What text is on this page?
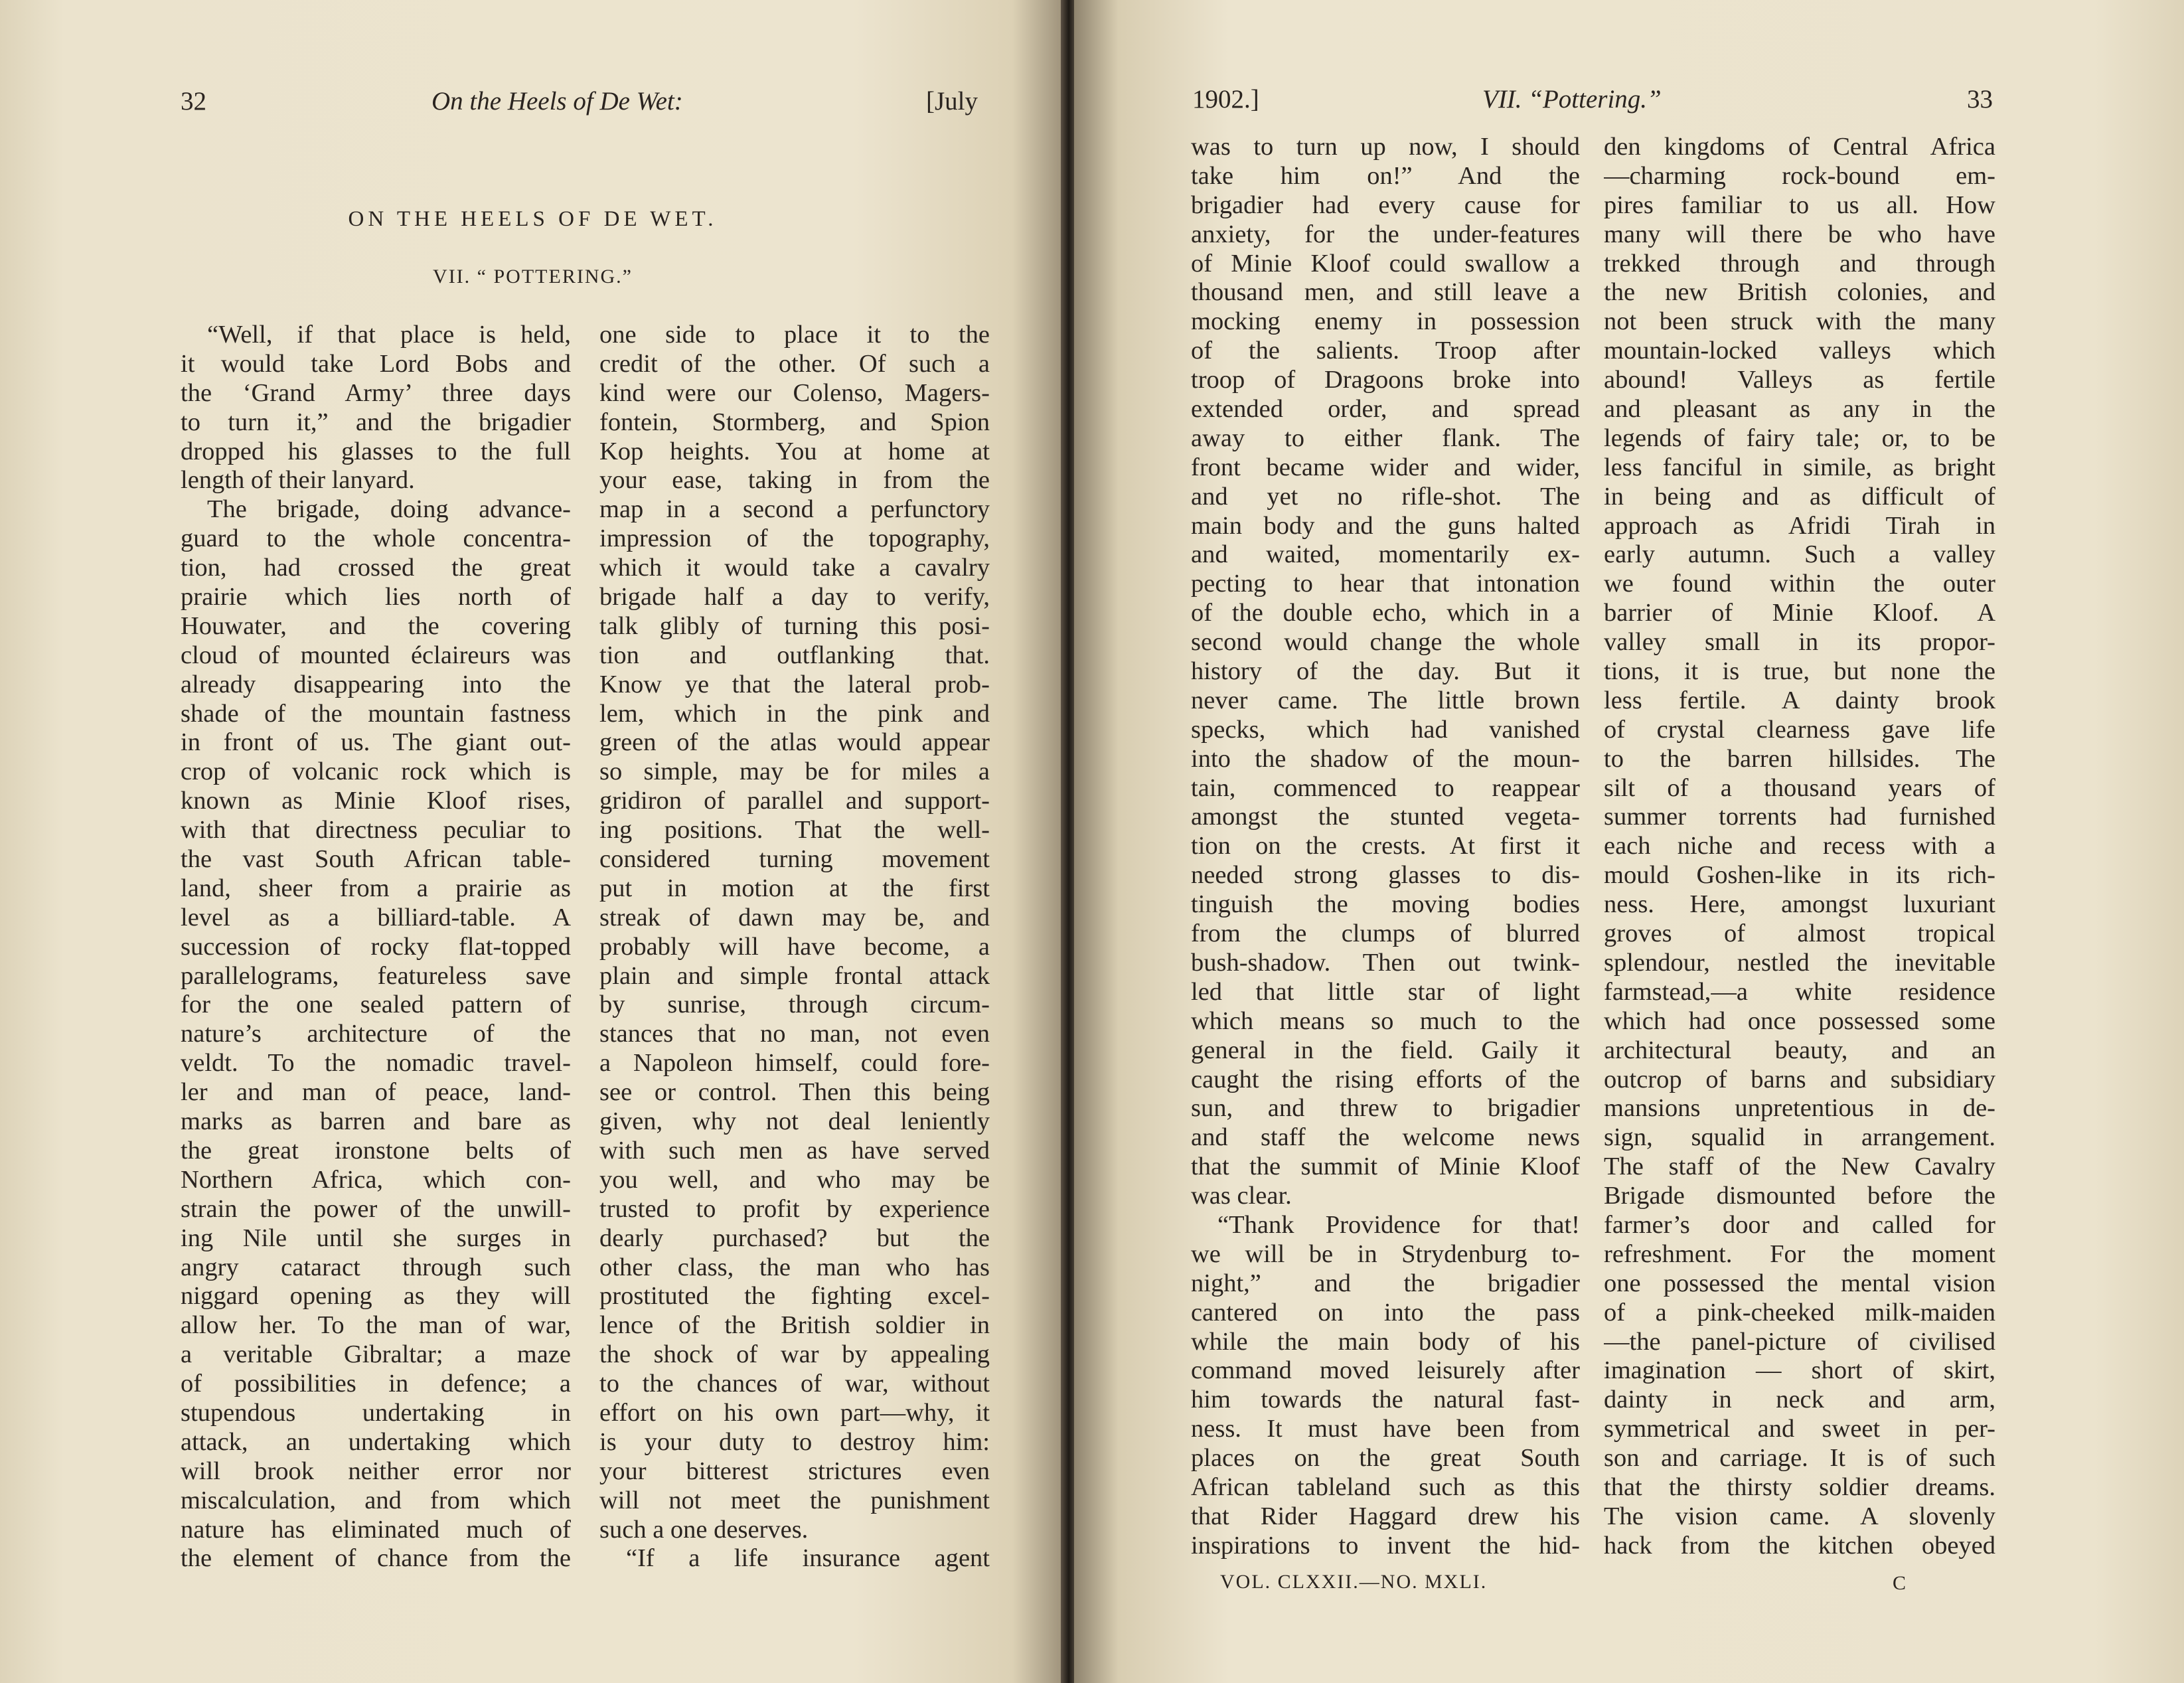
32	On the Heels of De Wet:	[July
ON THE HEELS OF DE WET.
VII. “ POTTERING.”
“Well, if that place is held,
it would take Lord Bobs and
the ‘Grand Army’ three days
to turn it,” and the brigadier
dropped his glasses to the full
length of their lanyard.
The brigade, doing advance-
guard to the whole concentra-
tion, had crossed the great
prairie which lies north of
Houwater, and the covering
cloud of mounted éclaireurs was
already disappearing into the
shade of the mountain fastness
in front of us. The giant out-
crop of volcanic rock which is
known as Minie Kloof rises,
with that directness peculiar to
the vast South African table-
land, sheer from a prairie as
level as a billiard-table. A
succession of rocky flat-topped
parallelograms, featureless save
for the one sealed pattern of
nature’s architecture of the
veldt. To the nomadic travel-
ler and man of peace, land-
marks as barren and bare as
the great ironstone belts of
Northern Africa, which con-
strain the power of the unwill-
ing Nile until she surges in
angry cataract through such
niggard opening as they will
allow her. To the man of war,
a veritable Gibraltar; a maze
of possibilities in defence; a
stupendous undertaking in
attack, an undertaking which
will brook neither error nor
miscalculation, and from which
nature has eliminated much of
the element of chance from the
one side to place it to the
credit of the other. Of such a
kind were our Colenso, Magers-
fontein, Stormberg, and Spion
Kop heights. You at home at
your ease, taking in from the
map in a second a perfunctory
impression of the topography,
which it would take a cavalry
brigade half a day to verify,
talk glibly of turning this posi-
tion and outflanking that.
Know ye that the lateral prob-
lem, which in the pink and
green of the atlas would appear
so simple, may be for miles a
gridiron of parallel and support-
ing positions. That the well-
considered turning movement
put in motion at the first
streak of dawn may be, and
probably will have become, a
plain and simple frontal attack
by sunrise, through circum-
stances that no man, not even
a Napoleon himself, could fore-
see or control. Then this being
given, why not deal leniently
with such men as have served
you well, and who may be
trusted to profit by experience
dearly purchased? but the
other class, the man who has
prostituted the fighting excel-
lence of the British soldier in
the shock of war by appealing
to the chances of war, without
effort on his own part—why, it
is your duty to destroy him:
your bitterest strictures even
will not meet the punishment
such a one deserves.
“If a life insurance agent
1902.]	VII. “Pottering.”	33
was to turn up now, I should
take him on!” And the
brigadier had every cause for
anxiety, for the under-features
of Minie Kloof could swallow a
thousand men, and still leave a
mocking enemy in possession
of the salients. Troop after
troop of Dragoons broke into
extended order, and spread
away to either flank. The
front became wider and wider,
and yet no rifle-shot. The
main body and the guns halted
and waited, momentarily ex-
pecting to hear that intonation
of the double echo, which in a
second would change the whole
history of the day. But it
never came. The little brown
specks, which had vanished
into the shadow of the moun-
tain, commenced to reappear
amongst the stunted vegeta-
tion on the crests. At first it
needed strong glasses to dis-
tinguish the moving bodies
from the clumps of blurred
bush-shadow. Then out twink-
led that little star of light
which means so much to the
general in the field. Gaily it
caught the rising efforts of the
sun, and threw to brigadier
and staff the welcome news
that the summit of Minie Kloof
was clear.
“Thank Providence for that!
we will be in Strydenburg to-
night,” and the brigadier
cantered on into the pass
while the main body of his
command moved leisurely after
him towards the natural fast-
ness. It must have been from
places on the great South
African tableland such as this
that Rider Haggard drew his
inspirations to invent the hid-
den kingdoms of Central Africa
—charming rock-bound em-
pires familiar to us all. How
many will there be who have
trekked through and through
the new British colonies, and
not been struck with the many
mountain-locked valleys which
abound! Valleys as fertile
and pleasant as any in the
legends of fairy tale; or, to be
less fanciful in simile, as bright
in being and as difficult of
approach as Afridi Tirah in
early autumn. Such a valley
we found within the outer
barrier of Minie Kloof. A
valley small in its propor-
tions, it is true, but none the
less fertile. A dainty brook
of crystal clearness gave life
to the barren hillsides. The
silt of a thousand years of
summer torrents had furnished
each niche and recess with a
mould Goshen-like in its rich-
ness. Here, amongst luxuriant
groves of almost tropical
splendour, nestled the inevitable
farmstead,—a white residence
which had once possessed some
architectural beauty, and an
outcrop of barns and subsidiary
mansions unpretentious in de-
sign, squalid in arrangement.
The staff of the New Cavalry
Brigade dismounted before the
farmer’s door and called for
refreshment. For the moment
one possessed the mental vision
of a pink-cheeked milk-maiden
—the panel-picture of civilised
imagination — short of skirt,
dainty in neck and arm,
symmetrical and sweet in per-
son and carriage. It is of such
that the thirsty soldier dreams.
The vision came. A slovenly
hack from the kitchen obeyed
VOL. CLXXII.—NO. MXLI.	C
